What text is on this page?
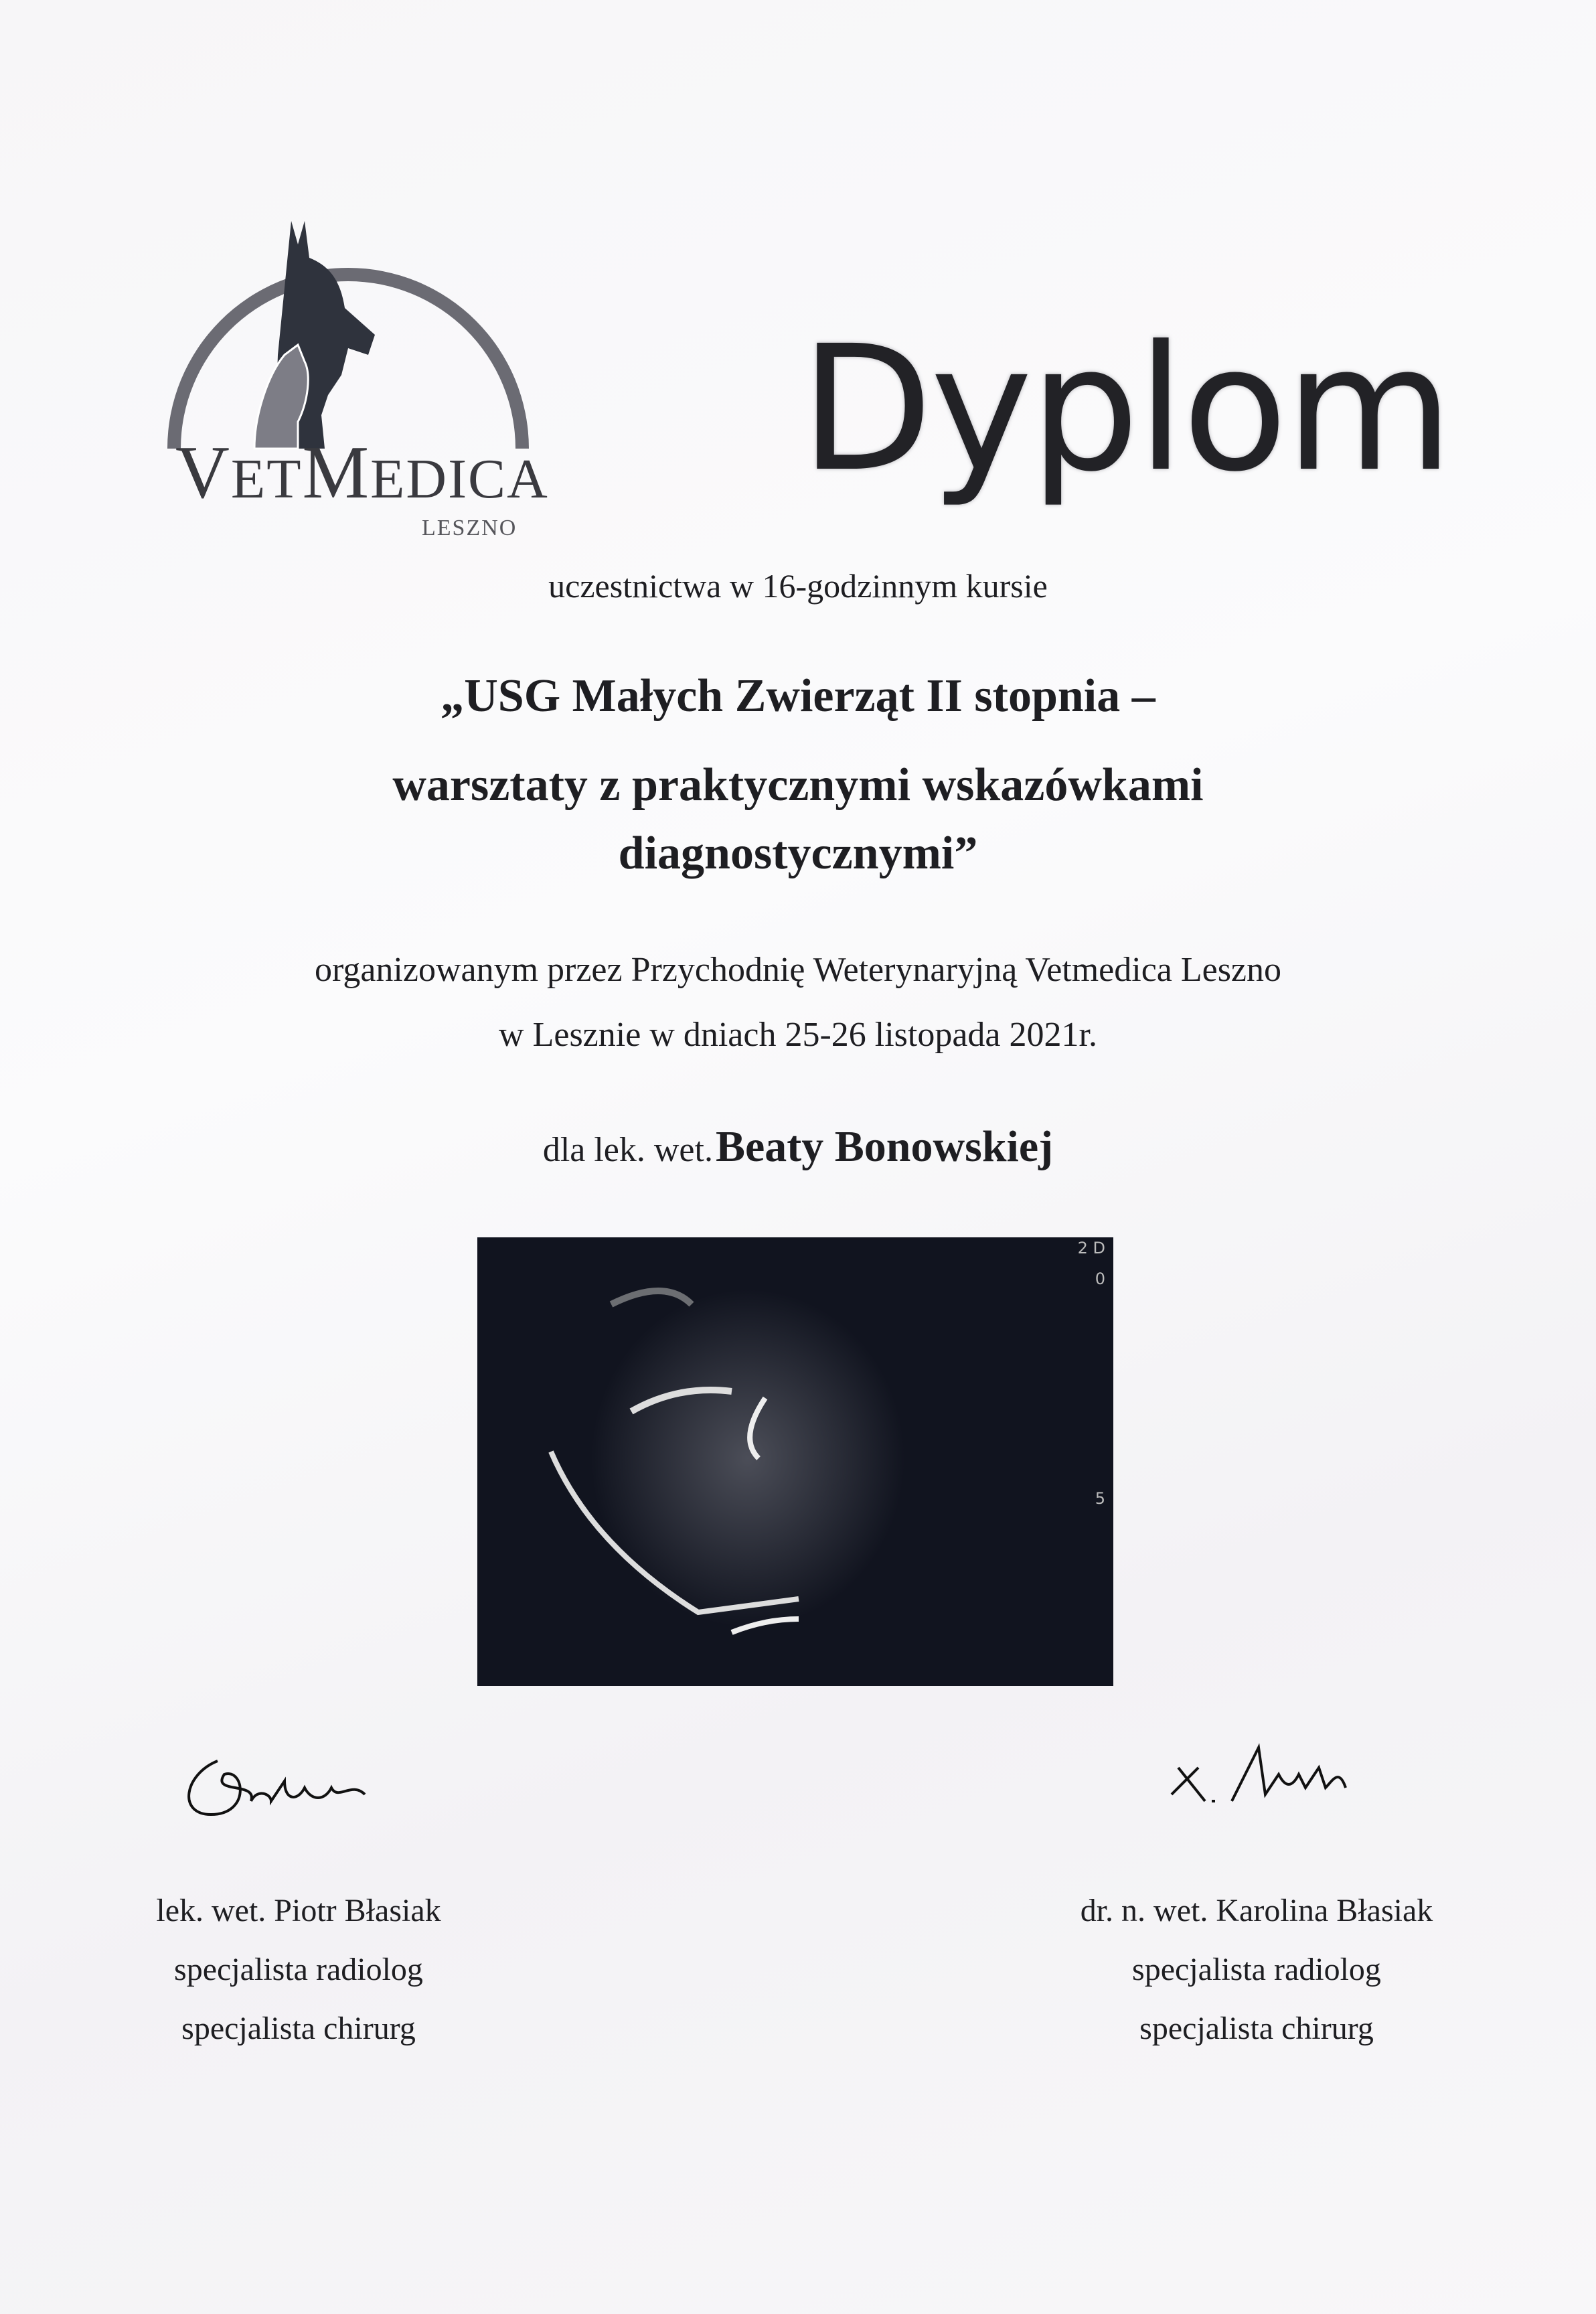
VETMEDICA
LESZNO
Dyplom
uczestnictwa w 16-godzinnym kursie
„USG Małych Zwierząt II stopnia –
warsztaty z praktycznymi wskazówkami
diagnostycznymi”
organizowanym przez Przychodnię Weterynaryjną Vetmedica Leszno
w Lesznie w dniach 25-26 listopada 2021r.
dla lek. wet. Beaty Bonowskiej
2 D
0
5
lek. wet. Piotr Błasiak
specjalista radiolog
specjalista chirurg
dr. n. wet. Karolina Błasiak
specjalista radiolog
specjalista chirurg
